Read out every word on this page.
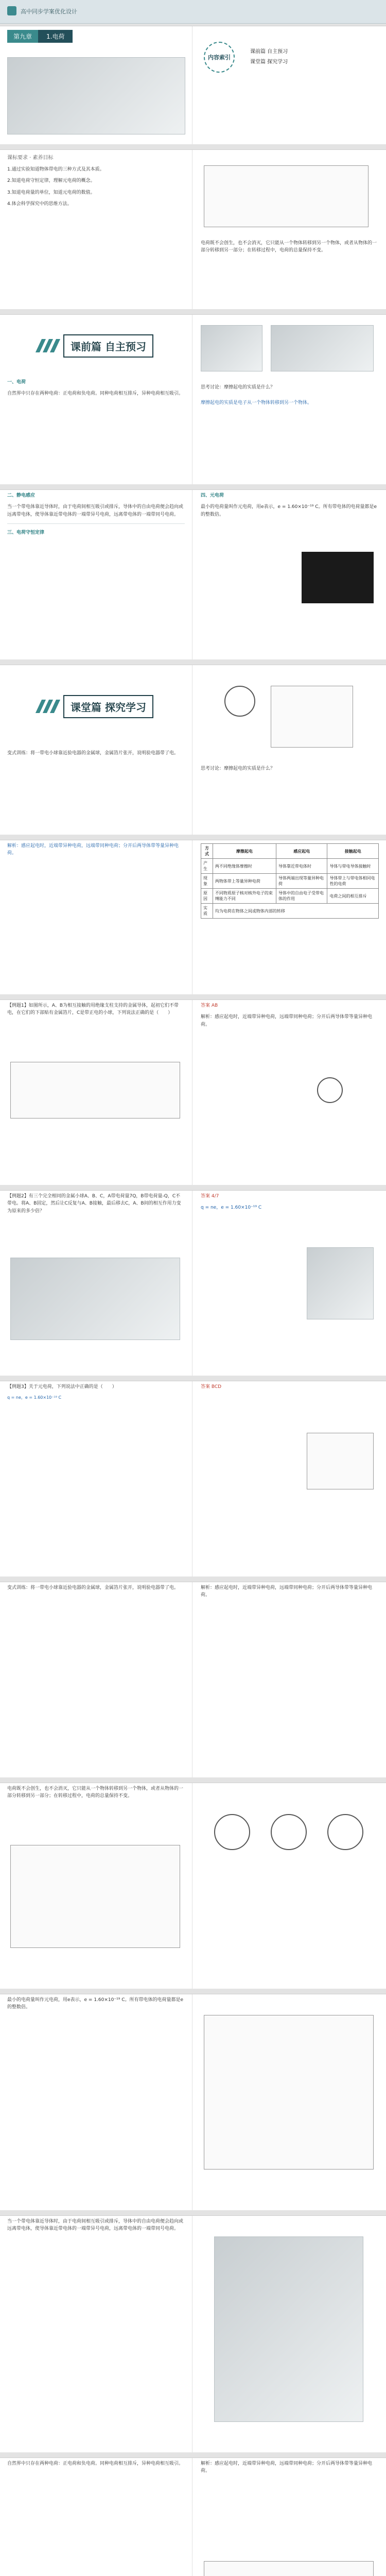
高中同步学案优化设计
第九章	1.电荷
内容索引
课前篇 自主预习
课堂篇 探究学习
课标要求 · 素养目标
1.通过实验知道物体带电的三种方式及其本质。
2.知道电荷守恒定律，理解元电荷的概念。
3.知道电荷量的单位，知道元电荷的数值。
4.体会科学探究中的思维方法。
电荷既不会创生，也不会消灭，它只能从一个物体转移到另一个物体，或者从物体的一部分转移到另一部分；在转移过程中，电荷的总量保持不变。
课前篇 自主预习
一、电荷
自然界中只存在两种电荷：正电荷和负电荷。同种电荷相互排斥，异种电荷相互吸引。
思考讨论：摩擦起电的实质是什么？
摩擦起电的实质是电子从一个物体转移到另一个物体。
二、静电感应
当一个带电体靠近导体时，由于电荷间相互吸引或排斥，导体中的自由电荷便会趋向或远离带电体，使导体靠近带电体的一端带异号电荷，远离带电体的一端带同号电荷。
三、电荷守恒定律
四、元电荷
最小的电荷量叫作元电荷，用e表示，e = 1.60×10⁻¹⁹ C。所有带电体的电荷量都是e的整数倍。
课堂篇 探究学习
变式训练：将一带电小球靠近验电器的金属球，金属箔片张开，说明验电器带了电。
思考讨论：摩擦起电的实质是什么？
解析：感应起电时，近端带异种电荷，远端带同种电荷；分开后两导体带等量异种电荷。
方式	摩擦起电	感应起电	接触起电
产生	两不同绝缘体摩擦时	导体靠近带电体时	导体与带电导体接触时
现象	两物体带上等量异种电荷	导体两端出现等量异种电荷	导体带上与带电体相同电性的电荷
原因	不同物质原子核对核外电子的束缚能力不同	导体中的自由电子受带电体的作用	电荷之间的相互排斥
实质	均为电荷在物体之间或物体内部的转移		
【例题1】如图所示，A、B为相互接触的用绝缘支柱支持的金属导体，起初它们不带电，在它们的下部贴有金属箔片，C是带正电的小球，下列说法正确的是（　　）
答案 AB
解析：感应起电时，近端带异种电荷，远端带同种电荷；分开后两导体带等量异种电荷。
【例题2】有三个完全相同的金属小球A、B、C，A带电荷量7Q，B带电荷量-Q，C不带电。将A、B固定，然后让C反复与A、B接触，最后移去C，A、B间的相互作用力变为原来的多少倍？
答案 4/7
q = ne，e = 1.60×10⁻¹⁹ C
【例题3】关于元电荷，下列说法中正确的是（　　）
q = ne，e = 1.60×10⁻¹⁹ C
答案 BCD
变式训练：将一带电小球靠近验电器的金属球，金属箔片张开，说明验电器带了电。	解析：感应起电时，近端带异种电荷，远端带同种电荷；分开后两导体带等量异种电荷。
电荷既不会创生，也不会消灭，它只能从一个物体转移到另一个物体，或者从物体的一部分转移到另一部分；在转移过程中，电荷的总量保持不变。
最小的电荷量叫作元电荷，用e表示，e = 1.60×10⁻¹⁹ C。所有带电体的电荷量都是e的整数倍。
当一个带电体靠近导体时，由于电荷间相互吸引或排斥，导体中的自由电荷便会趋向或远离带电体，使导体靠近带电体的一端带异号电荷，远离带电体的一端带同号电荷。
自然界中只存在两种电荷：正电荷和负电荷。同种电荷相互排斥，异种电荷相互吸引。	解析：感应起电时，近端带异种电荷，远端带同种电荷；分开后两导体带等量异种电荷。
